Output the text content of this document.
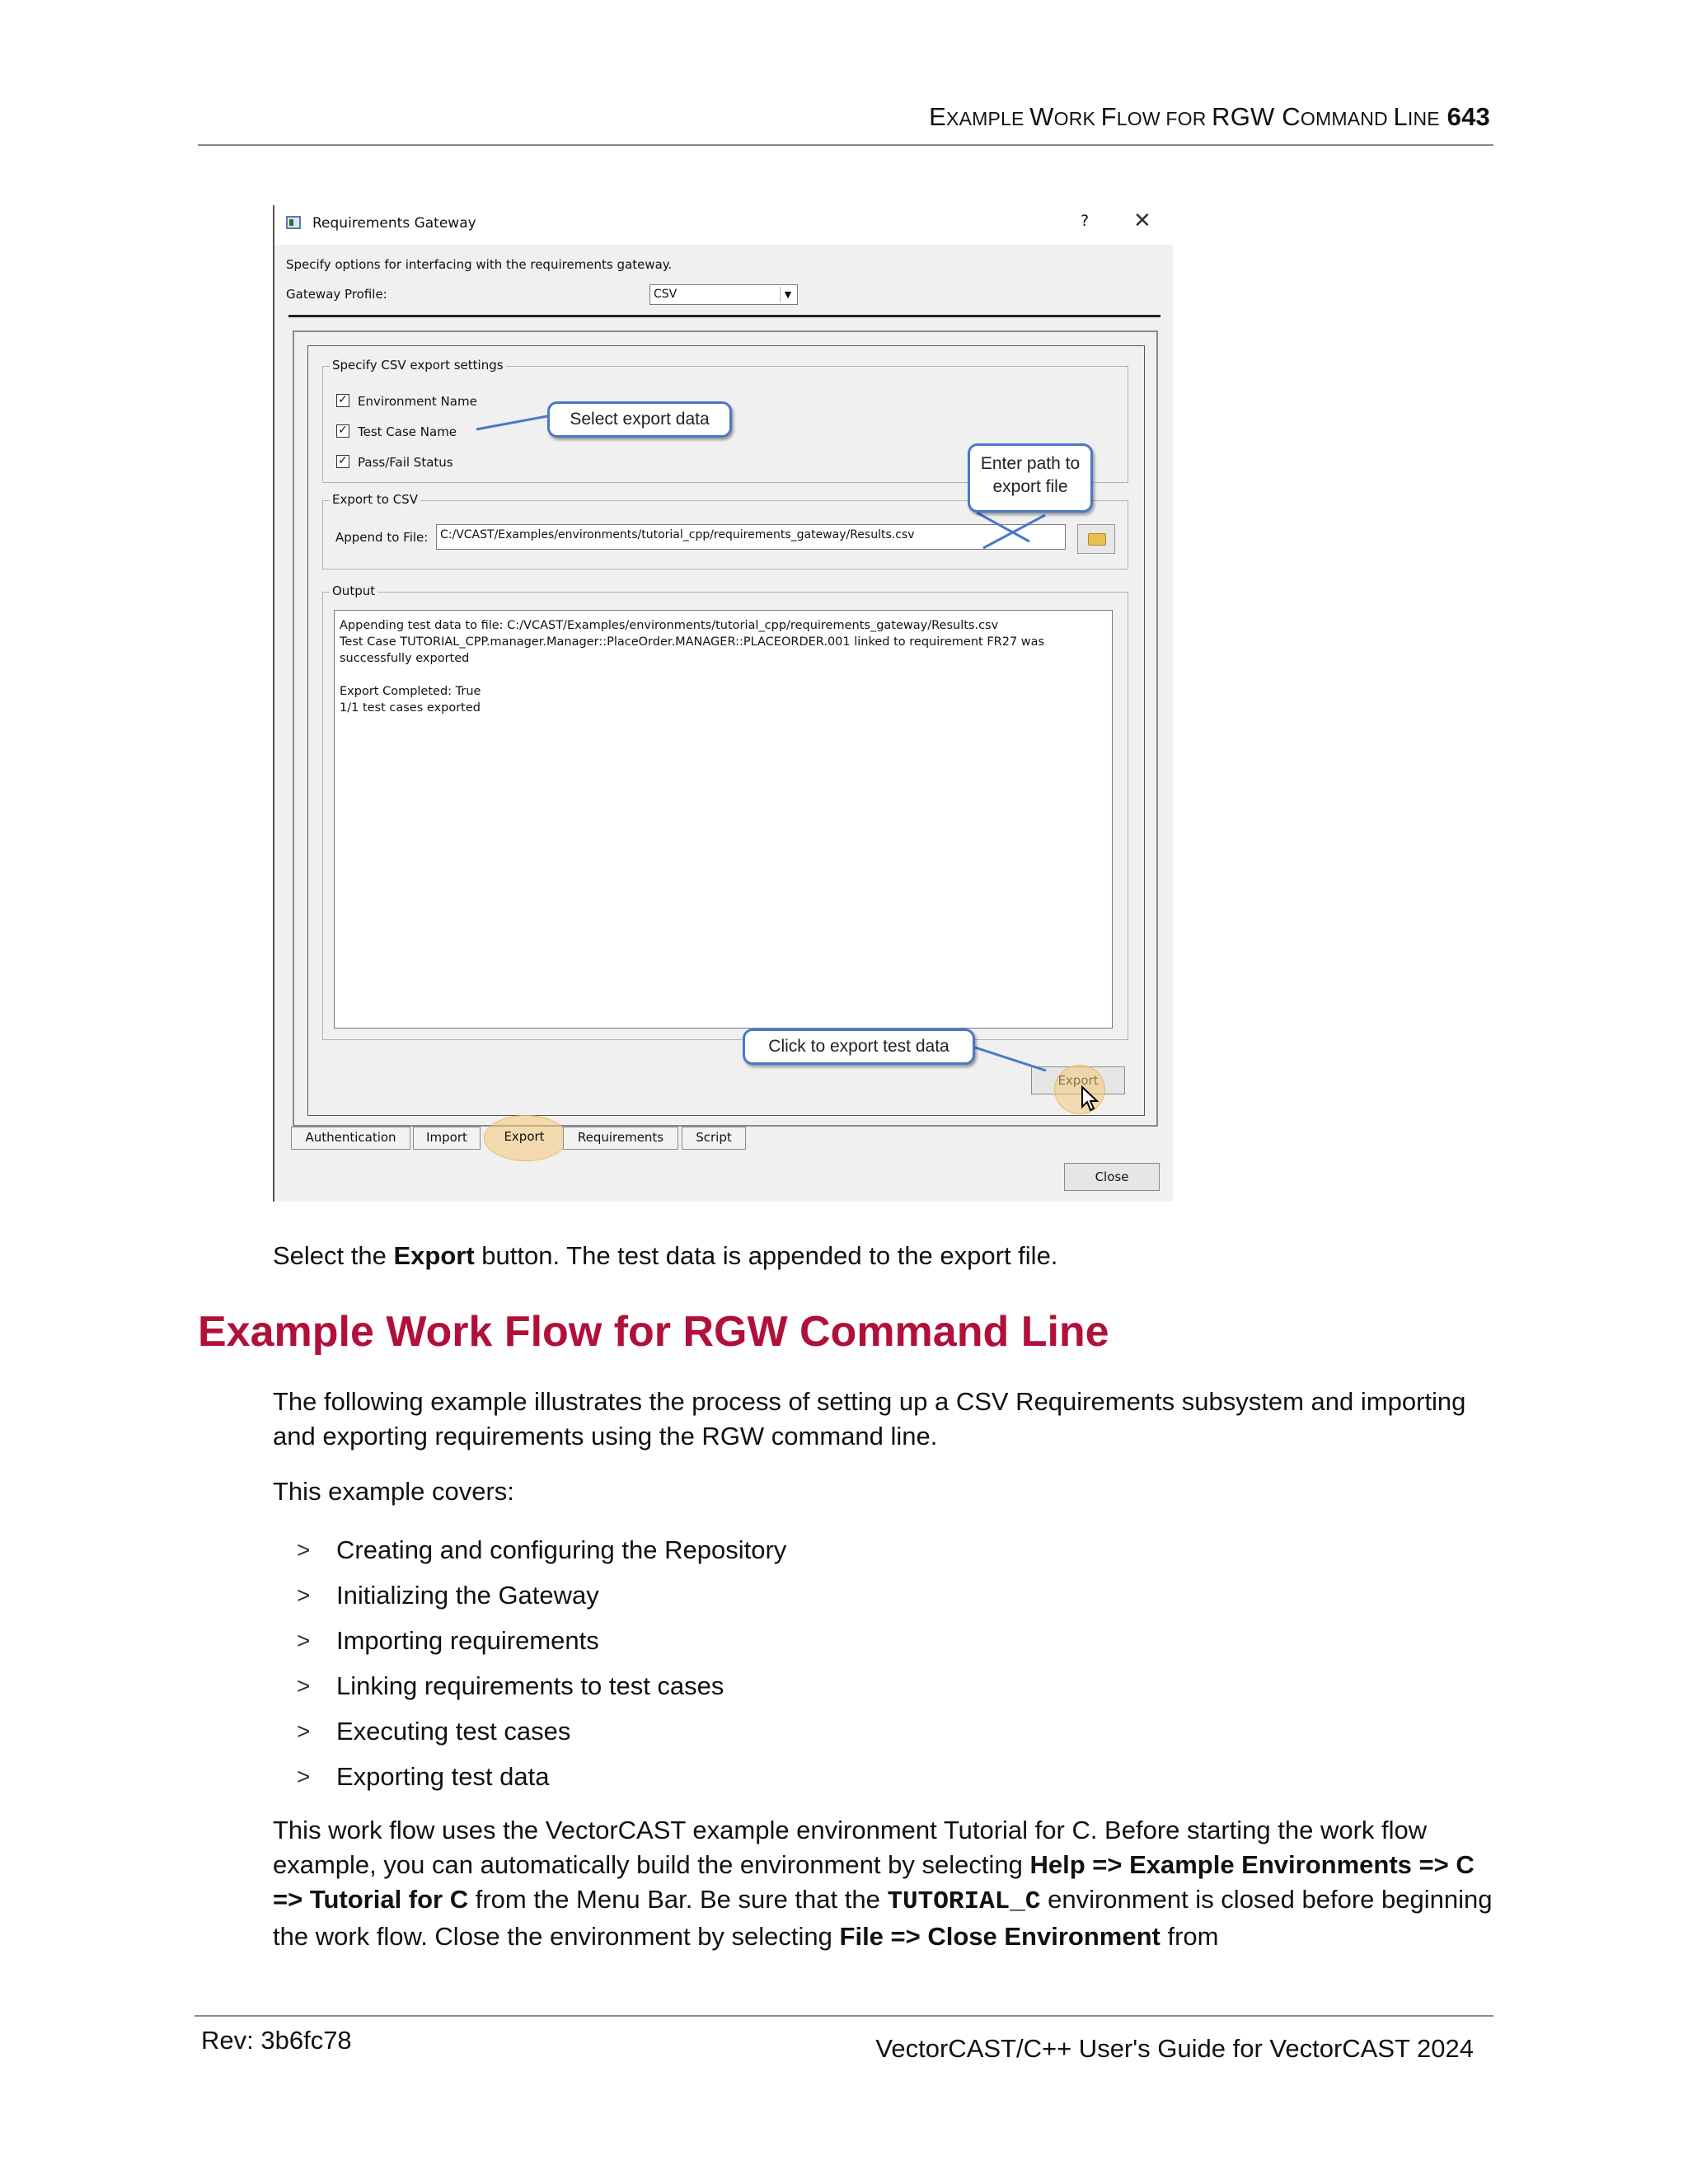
EXAMPLE WORK FLOW FOR RGW COMMAND LINE 643
Requirements Gateway	? ✕
Specify options for interfacing with the requirements gateway.
Gateway Profile:	CSV	▼
Specify CSV export settings
✓ Environment Name
✓ Test Case Name
✓ Pass/Fail Status
Export to CSV
Append to File:	C:/VCAST/Examples/environments/tutorial_cpp/requirements_gateway/Results.csv
Output
Appending test data to file: C:/VCAST/Examples/environments/tutorial_cpp/requirements_gateway/Results.csv
Test Case TUTORIAL_CPP.manager.Manager::PlaceOrder.MANAGER::PLACEORDER.001 linked to requirement FR27 was
successfully exported
Export Completed: True
1/1 test cases exported
Authentication	Import	Export	Requirements	Script
Close
Select export data
Enter path to
export file
Click to export test data
Select the Export button. The test data is appended to the export file.
Example Work Flow for RGW Command Line
The following example illustrates the process of setting up a CSV Requirements subsystem and importing and exporting requirements using the RGW command line.
This example covers:
> Creating and configuring the Repository
> Initializing the Gateway
> Importing requirements
> Linking requirements to test cases
> Executing test cases
> Exporting test data
This work flow uses the VectorCAST example environment Tutorial for C. Before starting the work flow example, you can automatically build the environment by selecting Help => Example Environments => C => Tutorial for C from the Menu Bar. Be sure that the TUTORIAL_C environment is closed before beginning the work flow. Close the environment by selecting File => Close Environment from
Rev: 3b6fc78	VectorCAST/C++ User's Guide for VectorCAST 2024
